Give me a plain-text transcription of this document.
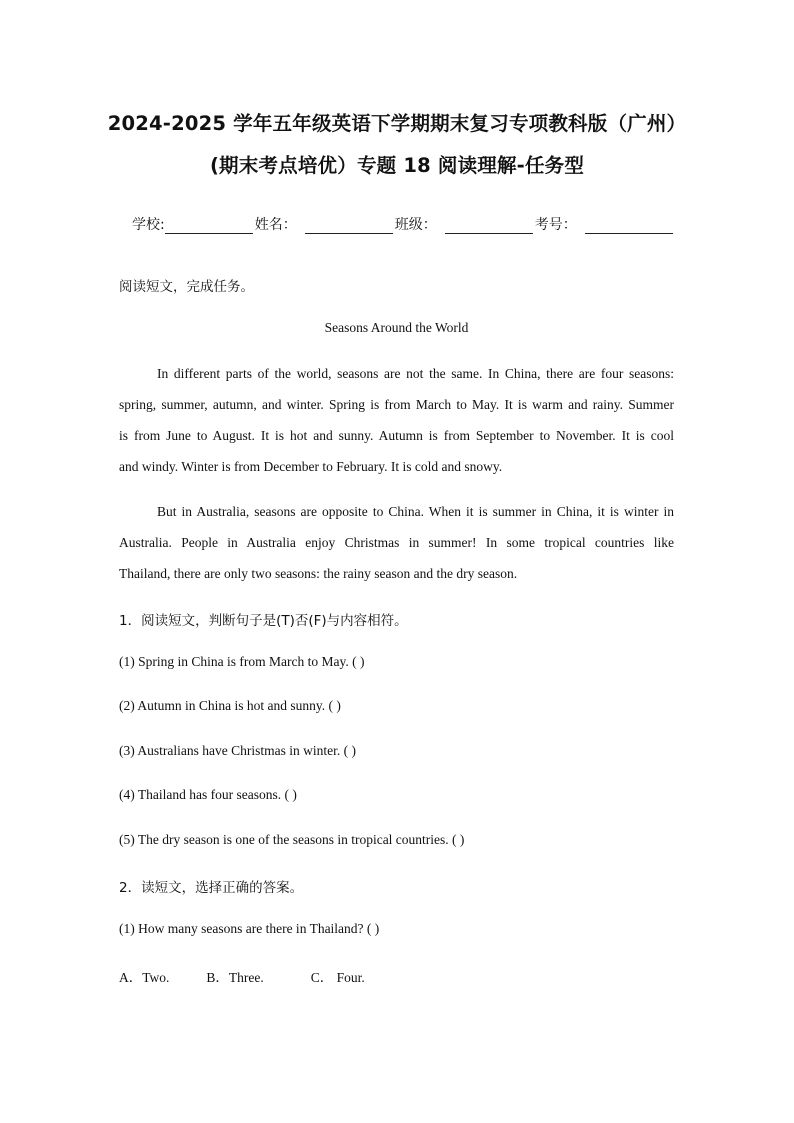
2024-2025 学年五年级英语下学期期末复习专项教科版（广州）
(期末考点培优）专题 18 阅读理解-任务型
学校:	姓名：	班级：	考号：
阅读短文，完成任务。
Seasons Around the World
In different parts of the world, seasons are not the same. In China, there are four seasons:
spring, summer, autumn, and winter. Spring is from March to May. It is warm and rainy. Summer
is from June to August. It is hot and sunny. Autumn is from September to November. It is cool
and windy. Winter is from December to February. It is cold and snowy.
But in Australia, seasons are opposite to China. When it is summer in China, it is winter in
Australia. People in Australia enjoy Christmas in summer! In some tropical countries like
Thailand, there are only two seasons: the rainy season and the dry season.
1．阅读短文，判断句子是(T)否(F)与内容相符。
(1) Spring in China is from March to May. ( )
(2) Autumn in China is hot and sunny. ( )
(3) Australians have Christmas in winter. ( )
(4) Thailand has four seasons. ( )
(5) The dry season is one of the seasons in tropical countries. ( )
2．读短文，选择正确的答案。
(1) How many seasons are there in Thailand? ( )
A．Two.	B．Three.	C． Four.
